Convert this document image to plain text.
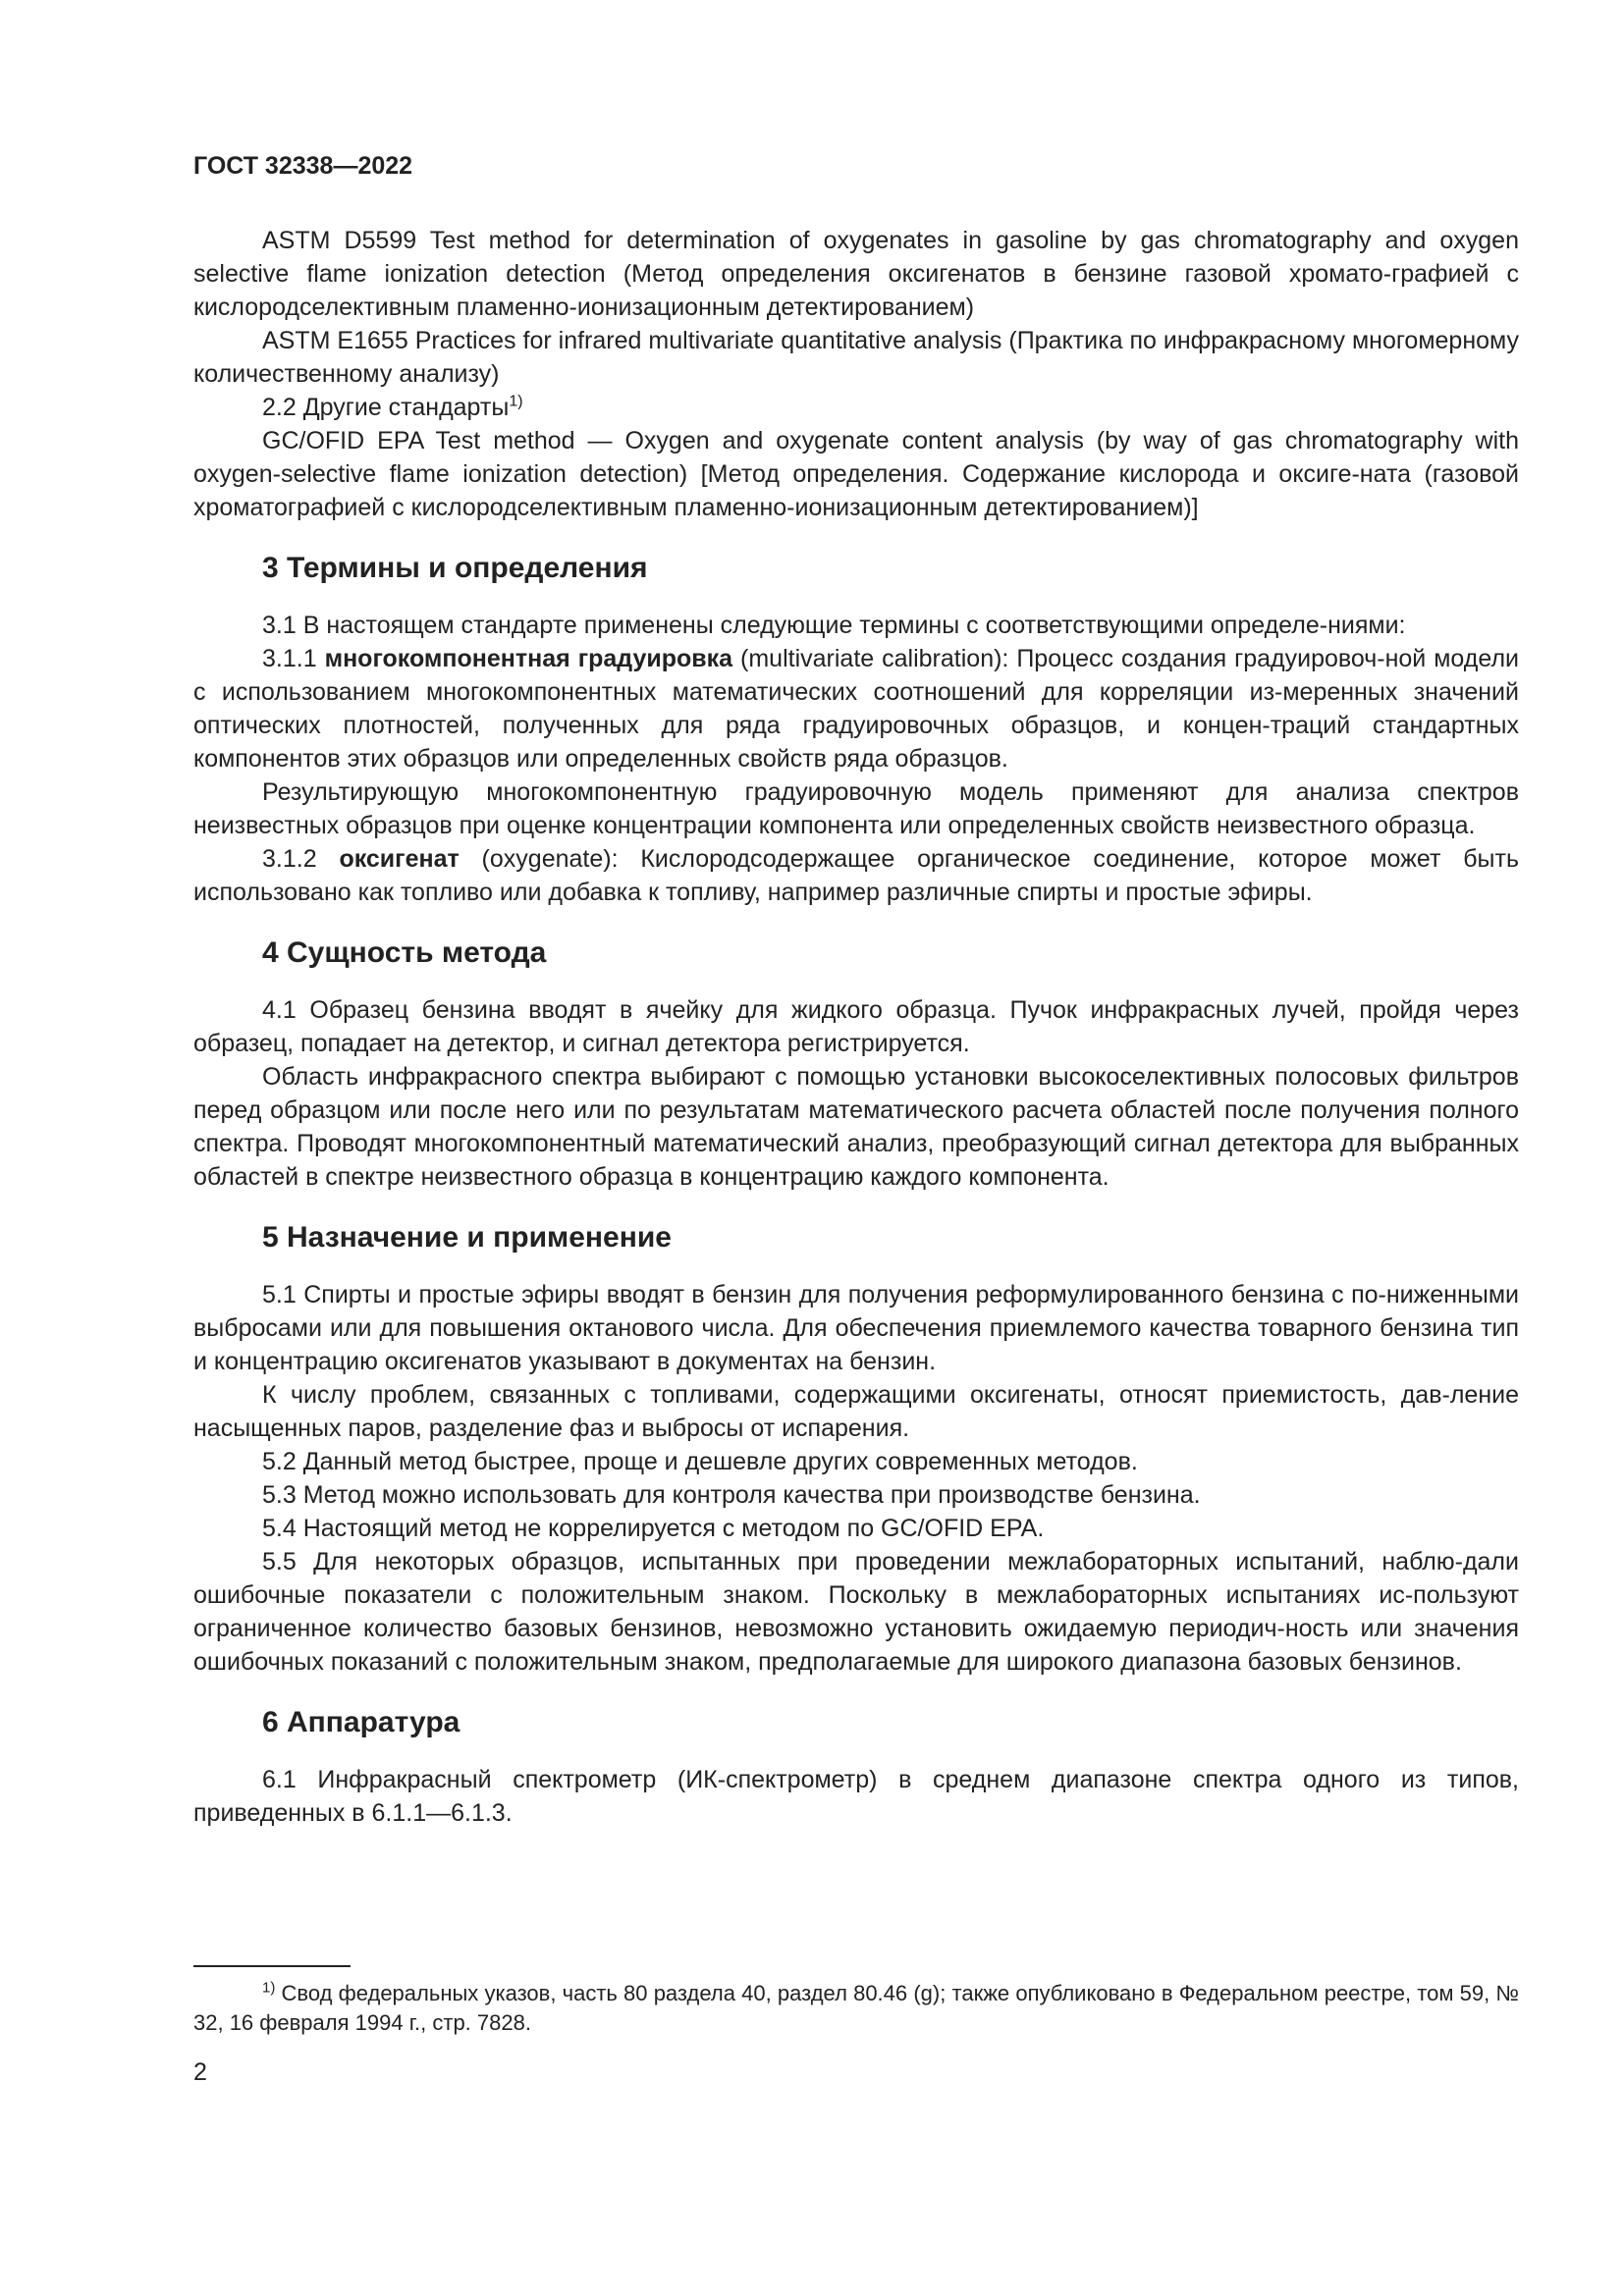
ГОСТ 32338—2022

ASTM D5599 Test method for determination of oxygenates in gasoline by gas chromatography and oxygen selective flame ionization detection (Метод определения оксигенатов в бензине газовой хромато-графией с кислородселективным пламенно-ионизационным детектированием)

ASTM E1655 Practices for infrared multivariate quantitative analysis (Практика по инфракрасному многомерному количественному анализу)

2.2 Другие стандарты$^{1)}$

GC/OFID EPA Test method — Oxygen and oxygenate content analysis (by way of gas chromatography with oxygen-selective flame ionization detection) [Метод определения. Содержание кислорода и оксиге-ната (газовой хроматографией с кислородселективным пламенно-ионизационным детектированием)]

3 Термины и определения

3.1 В настоящем стандарте применены следующие термины с соответствующими определе-ниями:

3.1.1 многокомпонентная градуировка (multivariate calibration): Процесс создания градуировоч-ной модели с использованием многокомпонентных математических соотношений для корреляции из-меренных значений оптических плотностей, полученных для ряда градуировочных образцов, и концен-траций стандартных компонентов этих образцов или определенных свойств ряда образцов.

Результирующую многокомпонентную градуировочную модель применяют для анализа спектров неизвестных образцов при оценке концентрации компонента или определенных свойств неизвестного образца.

3.1.2 оксигенат (oxygenate): Кислородсодержащее органическое соединение, которое может быть использовано как топливо или добавка к топливу, например различные спирты и простые эфиры.

4 Сущность метода

4.1 Образец бензина вводят в ячейку для жидкого образца. Пучок инфракрасных лучей, пройдя через образец, попадает на детектор, и сигнал детектора регистрируется.

Область инфракрасного спектра выбирают с помощью установки высокоселективных полосовых фильтров перед образцом или после него или по результатам математического расчета областей после получения полного спектра. Проводят многокомпонентный математический анализ, преобразующий сигнал детектора для выбранных областей в спектре неизвестного образца в концентрацию каждого компонента.

5 Назначение и применение

5.1 Спирты и простые эфиры вводят в бензин для получения реформулированного бензина с по-ниженными выбросами или для повышения октанового числа. Для обеспечения приемлемого качества товарного бензина тип и концентрацию оксигенатов указывают в документах на бензин.

К числу проблем, связанных с топливами, содержащими оксигенаты, относят приемистость, дав-ление насыщенных паров, разделение фаз и выбросы от испарения.

5.2 Данный метод быстрее, проще и дешевле других современных методов.

5.3 Метод можно использовать для контроля качества при производстве бензина.

5.4 Настоящий метод не коррелируется с методом по GC/OFID EPA.

5.5 Для некоторых образцов, испытанных при проведении межлабораторных испытаний, наблю-дали ошибочные показатели с положительным знаком. Поскольку в межлабораторных испытаниях ис-пользуют ограниченное количество базовых бензинов, невозможно установить ожидаемую периодич-ность или значения ошибочных показаний с положительным знаком, предполагаемые для широкого диапазона базовых бензинов.

6 Аппаратура

6.1 Инфракрасный спектрометр (ИК-спектрометр) в среднем диапазоне спектра одного из типов, приведенных в 6.1.1—6.1.3.

$^{1)}$ Свод федеральных указов, часть 80 раздела 40, раздел 80.46 (g); также опубликовано в Федеральном реестре, том 59, № 32, 16 февраля 1994 г., стр. 7828.
2
